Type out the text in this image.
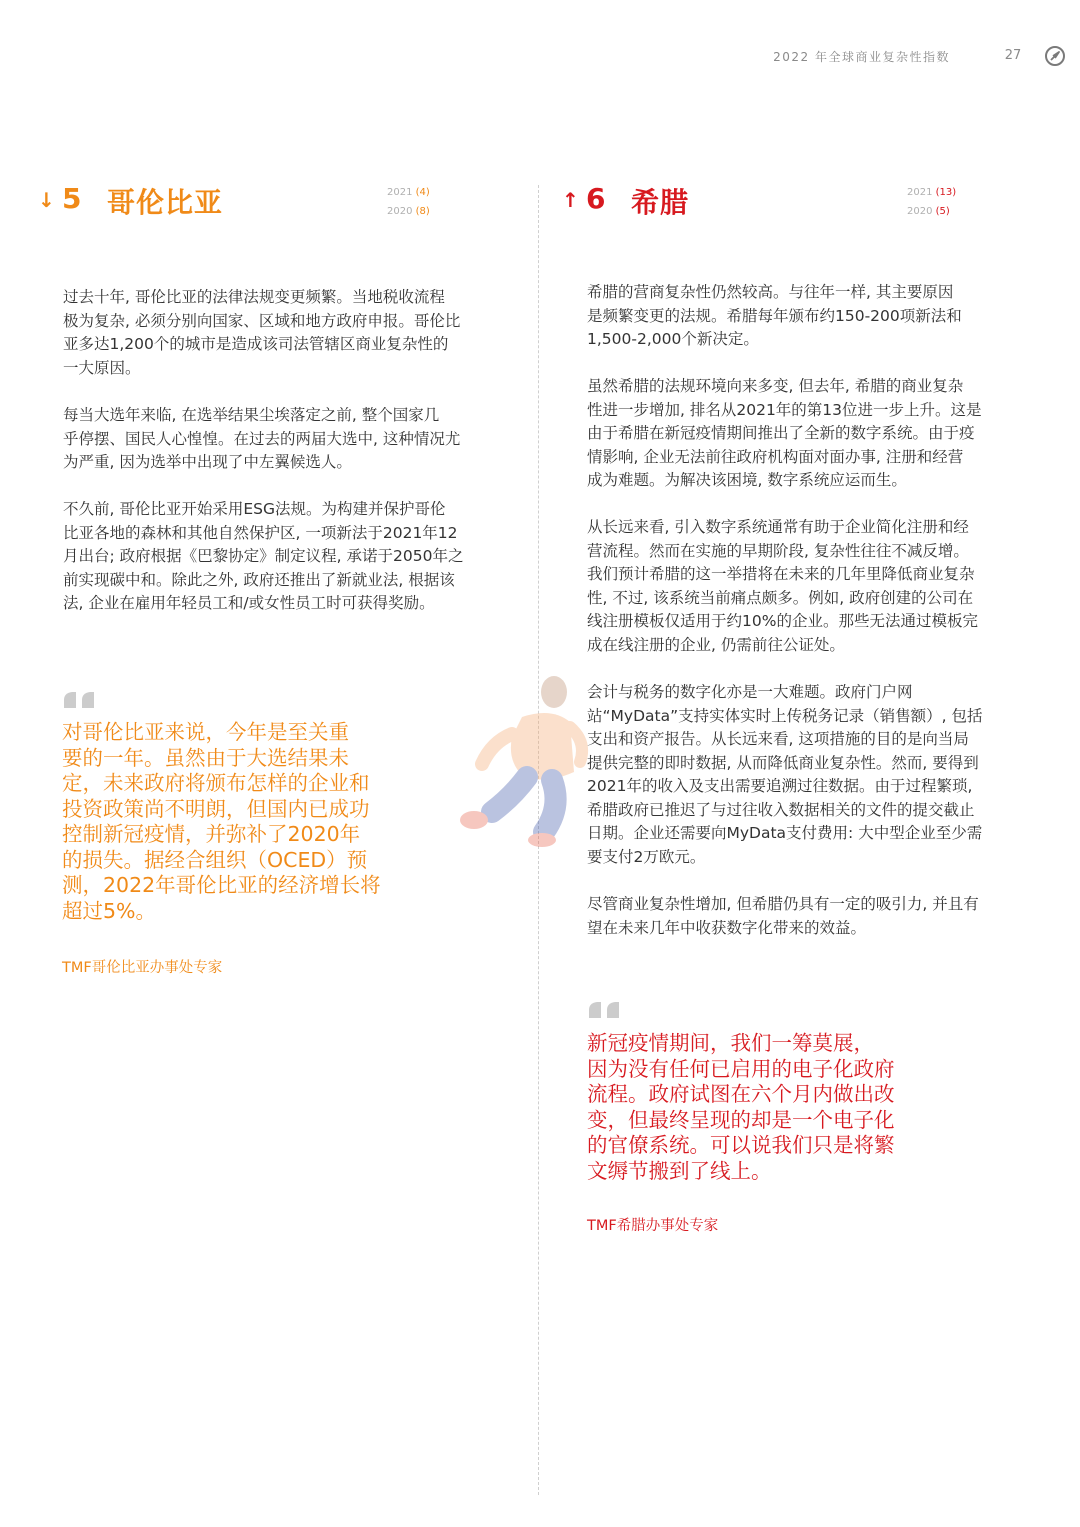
2022 年全球商业复杂性指数	27
↓ 5 哥伦比亚	2021 (4)
2020 (8)

过去十年, 哥伦比亚的法律法规变更频繁。当地税收流程
极为复杂, 必须分别向国家、区域和地方政府申报。哥伦比
亚多达1,200个的城市是造成该司法管辖区商业复杂性的
一大原因。

每当大选年来临, 在选举结果尘埃落定之前, 整个国家几
乎停摆、国民人心惶惶。在过去的两届大选中, 这种情况尤
为严重, 因为选举中出现了中左翼候选人。

不久前, 哥伦比亚开始采用ESG法规。为构建并保护哥伦
比亚各地的森林和其他自然保护区, 一项新法于2021年12
月出台; 政府根据《巴黎协定》制定议程, 承诺于2050年之
前实现碳中和。除此之外, 政府还推出了新就业法, 根据该
法, 企业在雇用年轻员工和/或女性员工时可获得奖励。

对哥伦比亚来说，今年是至关重
要的一年。虽然由于大选结果未
定，未来政府将颁布怎样的企业和
投资政策尚不明朗，但国内已成功
控制新冠疫情，并弥补了2020年
的损失。据经合组织（OCED）预
测，2022年哥伦比亚的经济增长将
超过5%。
TMF哥伦比亚办事处专家
↑ 6 希腊	2021 (13)
2020 (5)

希腊的营商复杂性仍然较高。与往年一样, 其主要原因
是频繁变更的法规。希腊每年颁布约150-200项新法和
1,500-2,000个新决定。

虽然希腊的法规环境向来多变, 但去年, 希腊的商业复杂
性进一步增加, 排名从2021年的第13位进一步上升。这是
由于希腊在新冠疫情期间推出了全新的数字系统。由于疫
情影响, 企业无法前往政府机构面对面办事, 注册和经营
成为难题。为解决该困境, 数字系统应运而生。

从长远来看, 引入数字系统通常有助于企业简化注册和经
营流程。然而在实施的早期阶段, 复杂性往往不减反增。
我们预计希腊的这一举措将在未来的几年里降低商业复杂
性, 不过, 该系统当前痛点颇多。例如, 政府创建的公司在
线注册模板仅适用于约10%的企业。那些无法通过模板完
成在线注册的企业, 仍需前往公证处。

会计与税务的数字化亦是一大难题。政府门户网
站“MyData”支持实体实时上传税务记录（销售额）, 包括
支出和资产报告。从长远来看, 这项措施的目的是向当局
提供完整的即时数据, 从而降低商业复杂性。然而, 要得到
2021年的收入及支出需要追溯过往数据。由于过程繁琐,
希腊政府已推迟了与过往收入数据相关的文件的提交截止
日期。企业还需要向MyData支付费用: 大中型企业至少需
要支付2万欧元。

尽管商业复杂性增加, 但希腊仍具有一定的吸引力, 并且有
望在未来几年中收获数字化带来的效益。

新冠疫情期间，我们一筹莫展，
因为没有任何已启用的电子化政府
流程。政府试图在六个月内做出改
变，但最终呈现的却是一个电子化
的官僚系统。可以说我们只是将繁
文缛节搬到了线上。
TMF希腊办事处专家
